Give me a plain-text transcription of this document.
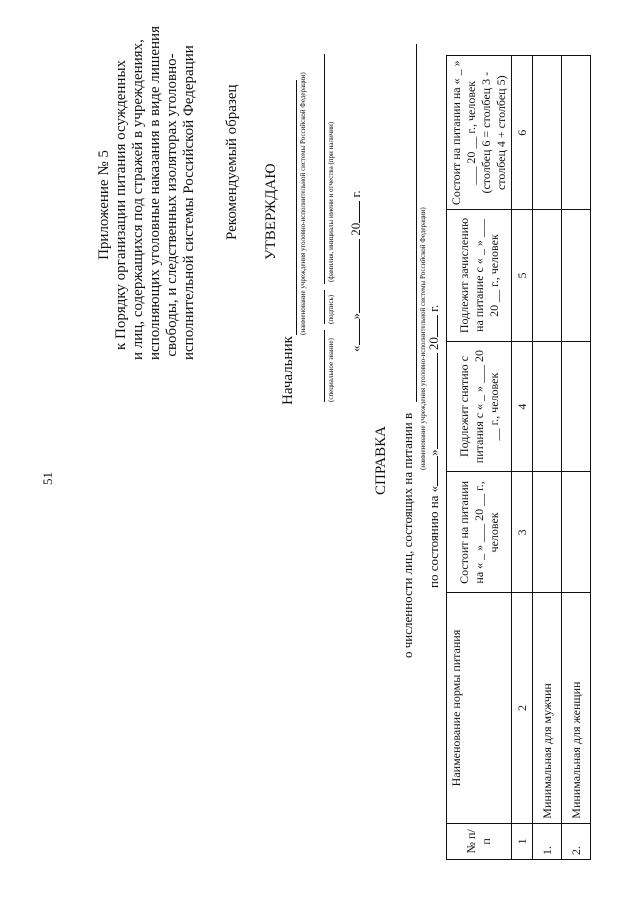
51
Приложение № 5 к Порядку организации питания осужденных и лиц, содержащихся под стражей в учреждениях, исполняющих уголовные наказания в виде лишения свободы, и следственных изоляторах уголовно- исполнительной системы Российской Федерации Рекомендуемый образец УТВЕРЖДАЮ
Начальник
(наименование учреждения уголовно-исполнительной системы Российской Федерации)
(специальное звание)
(подпись)
(фамилия, инициалы имени и отчества (при наличии)
«» 20 г.
СПРАВКА о численности лиц, состоящих на питании в
(наименование учреждения уголовно-исполнительной системы Российской Федерации)
по состоянию на «» 20 г.
№ п/п	Наименование нормы питания	Состоит на питании на « _ » ___ 20 __ г., человек	Подлежит снятию с питания с « _ » ___ 20 __ г., человек	Подлежит зачислению на питание с « _ » ___ 20 __ г., человек	Состоит на питании на « _ » ___ 20 __ г., человек (столбец 6 = столбец 3 - столбец 4 + столбец 5)
1	2	3	4	5	6
1.	Минимальная для мужчин				
2.	Минимальная для женщин				
